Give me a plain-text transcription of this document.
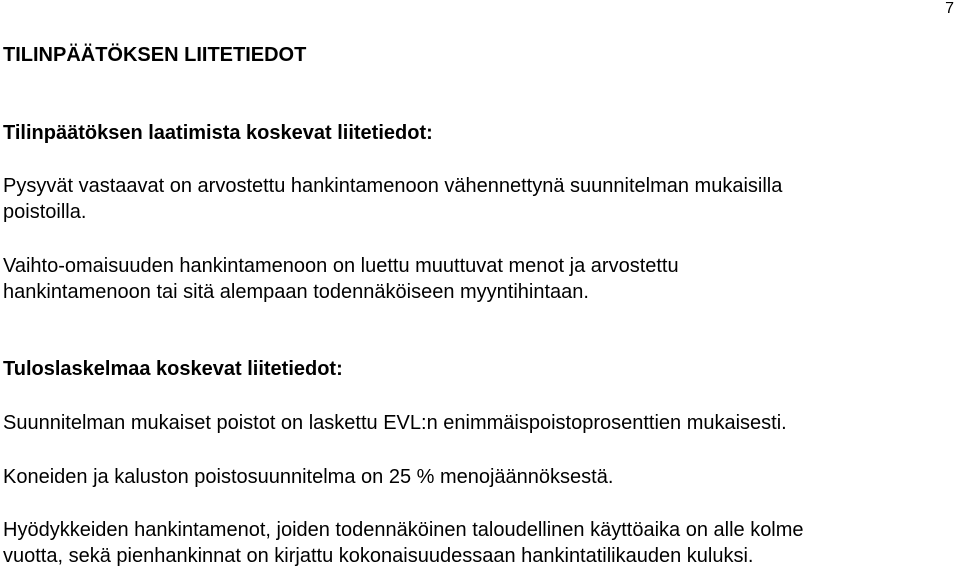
7
TILINPÄÄTÖKSEN LIITETIEDOT
Tilinpäätöksen laatimista koskevat liitetiedot:

Pysyvät vastaavat on arvostettu hankintamenoon vähennettynä suunnitelman mukaisilla
poistoilla.

Vaihto-omaisuuden hankintamenoon on luettu muuttuvat menot ja arvostettu
hankintamenoon tai sitä alempaan todennäköiseen myyntihintaan.

Tuloslaskelmaa koskevat liitetiedot:

Suunnitelman mukaiset poistot on laskettu EVL:n enimmäispoistoprosenttien mukaisesti.

Koneiden ja kaluston poistosuunnitelma on 25 % menojäännöksestä.

Hyödykkeiden hankintamenot, joiden todennäköinen taloudellinen käyttöaika on alle kolme
vuotta, sekä pienhankinnat on kirjattu kokonaisuudessaan hankintatilikauden kuluksi.
